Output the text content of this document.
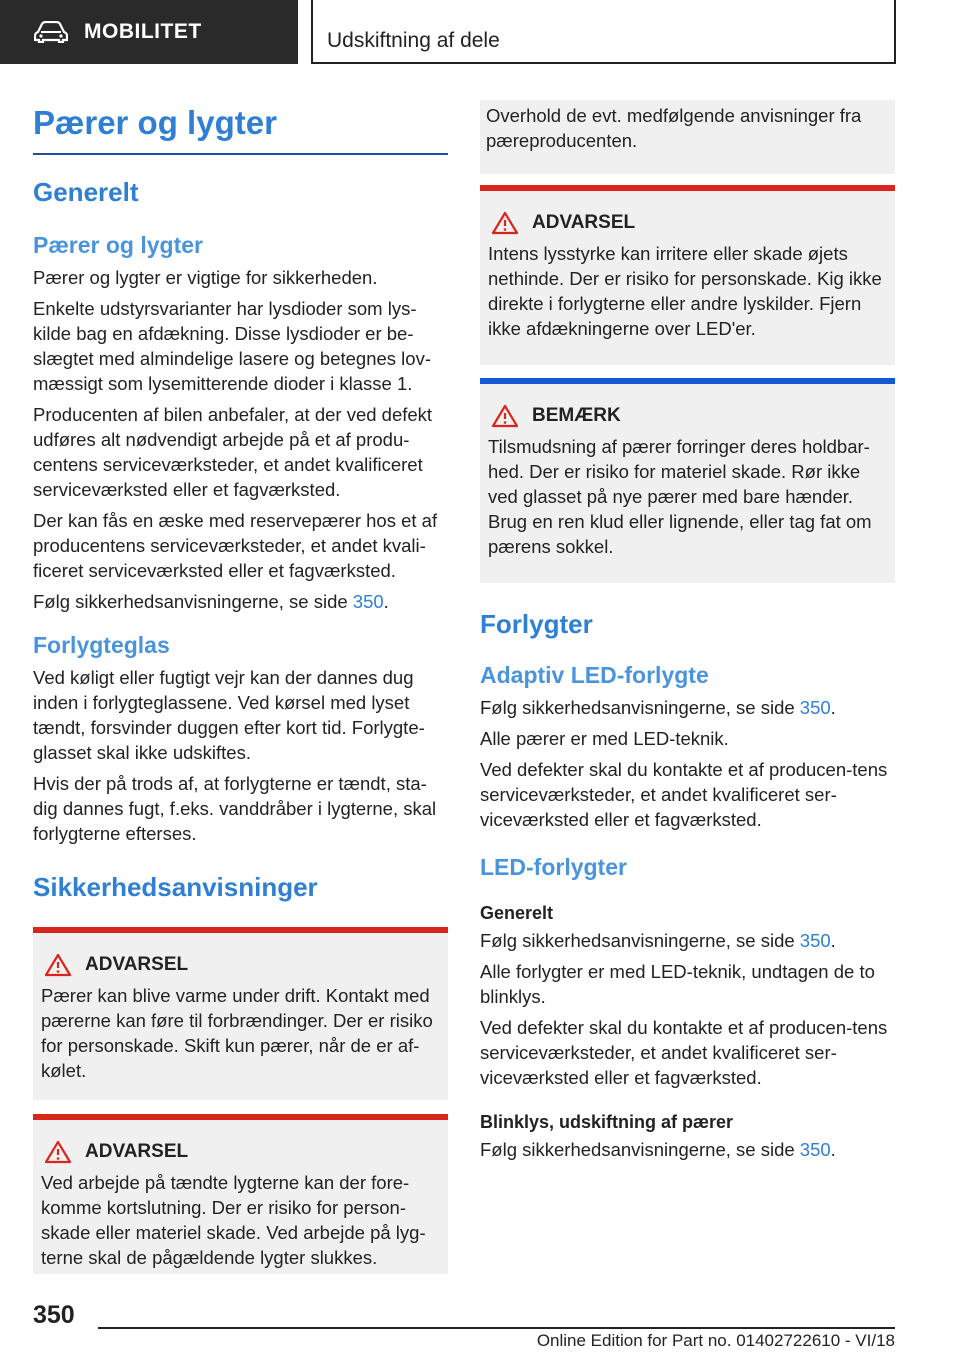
MOBILITET	Udskiftning af dele
Pærer og lygter
Generelt
Pærer og lygter

Pærer og lygter er vigtige for sikkerheden.

Enkelte udstyrsvarianter har lysdioder som lys-kilde bag en afdækning. Disse lysdioder er be-slægtet med almindelige lasere og betegnes lov-mæssigt som lysemitterende dioder i klasse 1.

Producenten af bilen anbefaler, at der ved defekt udføres alt nødvendigt arbejde på et af produ-centens serviceværksteder, et andet kvalificeret serviceværksted eller et fagværksted.

Der kan fås en æske med reservepærer hos et af producentens serviceværksteder, et andet kvali-ficeret serviceværksted eller et fagværksted.

Følg sikkerhedsanvisningerne, se side 350.

Forlygteglas

Ved køligt eller fugtigt vejr kan der dannes dug inden i forlygteglassene. Ved kørsel med lyset tændt, forsvinder duggen efter kort tid. Forlygte-glasset skal ikke udskiftes.

Hvis der på trods af, at forlygterne er tændt, sta-dig dannes fugt, f.eks. vanddråber i lygterne, skal forlygterne efterses.

Sikkerhedsanvisninger
ADVARSEL

Pærer kan blive varme under drift. Kontakt med pærerne kan føre til forbrændinger. Der er risiko for personskade. Skift kun pærer, når de er af-kølet.

ADVARSEL

Ved arbejde på tændte lygterne kan der fore-komme kortslutning. Der er risiko for person-skade eller materiel skade. Ved arbejde på lyg-terne skal de pågældende lygter slukkes.

Overhold de evt. medfølgende anvisninger fra pæreproducenten.

ADVARSEL

Intens lysstyrke kan irritere eller skade øjets nethinde. Der er risiko for personskade. Kig ikke direkte i forlygterne eller andre lyskilder. Fjern ikke afdækningerne over LED'er.

BEMÆRK

Tilsmudsning af pærer forringer deres holdbar-hed. Der er risiko for materiel skade. Rør ikke ved glasset på nye pærer med bare hænder. Brug en ren klud eller lignende, eller tag fat om pærens sokkel.

Forlygter
Adaptiv LED-forlygte

Følg sikkerhedsanvisningerne, se side 350.

Alle pærer er med LED-teknik.

Ved defekter skal du kontakte et af producen-tens serviceværksteder, et andet kvalificeret ser-viceværksted eller et fagværksted.

LED-forlygter
Generelt

Følg sikkerhedsanvisningerne, se side 350.

Alle forlygter er med LED-teknik, undtagen de to blinklys.

Ved defekter skal du kontakte et af producen-tens serviceværksteder, et andet kvalificeret ser-viceværksted eller et fagværksted.

Blinklys, udskiftning af pærer

Følg sikkerhedsanvisningerne, se side 350.

350
Online Edition for Part no. 01402722610 - VI/18
